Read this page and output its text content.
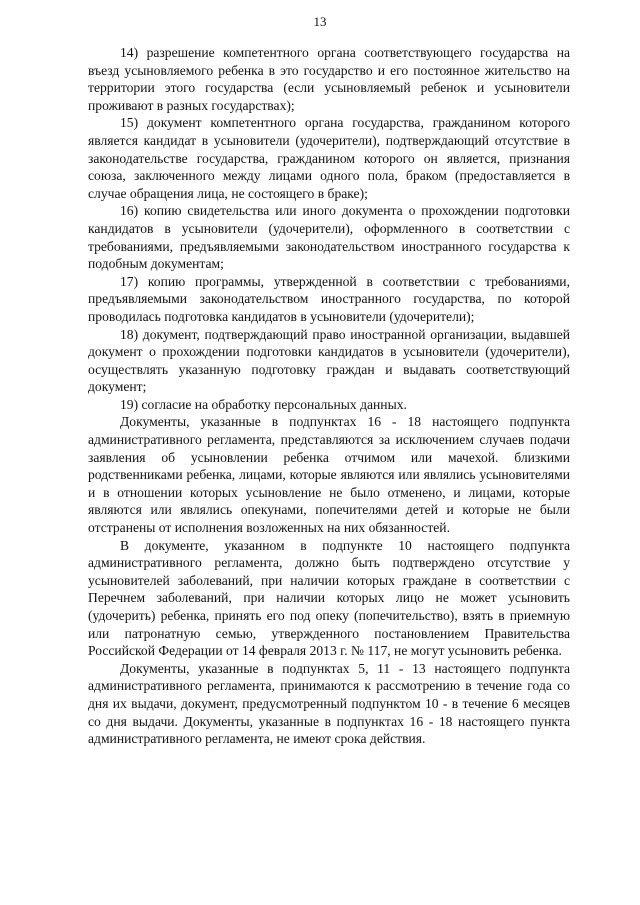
13

14) разрешение компетентного органа соответствующего государства на въезд усыновляемого ребенка в это государство и его постоянное жительство на территории этого государства (если усыновляемый ребенок и усыновители проживают в разных государствах);

15) документ компетентного органа государства, гражданином которого является кандидат в усыновители (удочерители), подтверждающий отсутствие в законодательстве государства, гражданином которого он является, признания союза, заключенного между лицами одного пола, браком (предоставляется в случае обращения лица, не состоящего в браке);

16) копию свидетельства или иного документа о прохождении подготовки кандидатов в усыновители (удочерители), оформленного в соответствии с требованиями, предъявляемыми законодательством иностранного государства к подобным документам;

17) копию программы, утвержденной в соответствии с требованиями, предъявляемыми законодательством иностранного государства, по которой проводилась подготовка кандидатов в усыновители (удочерители);

18) документ, подтверждающий право иностранной организации, выдавшей документ о прохождении подготовки кандидатов в усыновители (удочерители), осуществлять указанную подготовку граждан и выдавать соответствующий документ;

19) согласие на обработку персональных данных.

Документы, указанные в подпунктах 16 - 18 настоящего подпункта административного регламента, представляются за исключением случаев подачи заявления об усыновлении ребенка отчимом или мачехой. близкими родственниками ребенка, лицами, которые являются или являлись усыновителями и в отношении которых усыновление не было отменено, и лицами, которые являются или являлись опекунами, попечителями детей и которые не были отстранены от исполнения возложенных на них обязанностей.

В документе, указанном в подпункте 10 настоящего подпункта административного регламента, должно быть подтверждено отсутствие у усыновителей заболеваний, при наличии которых граждане в соответствии с Перечнем заболеваний, при наличии которых лицо не может усыновить (удочерить) ребенка, принять его под опеку (попечительство), взять в приемную или патронатную семью, утвержденного постановлением Правительства Российской Федерации от 14 февраля 2013 г. № 117, не могут усыновить ребенка.

Документы, указанные в подпунктах 5, 11 - 13 настоящего подпункта административного регламента, принимаются к рассмотрению в течение года со дня их выдачи, документ, предусмотренный подпунктом 10 - в течение 6 месяцев со дня выдачи. Документы, указанные в подпунктах 16 - 18 настоящего пункта административного регламента, не имеют срока действия.
